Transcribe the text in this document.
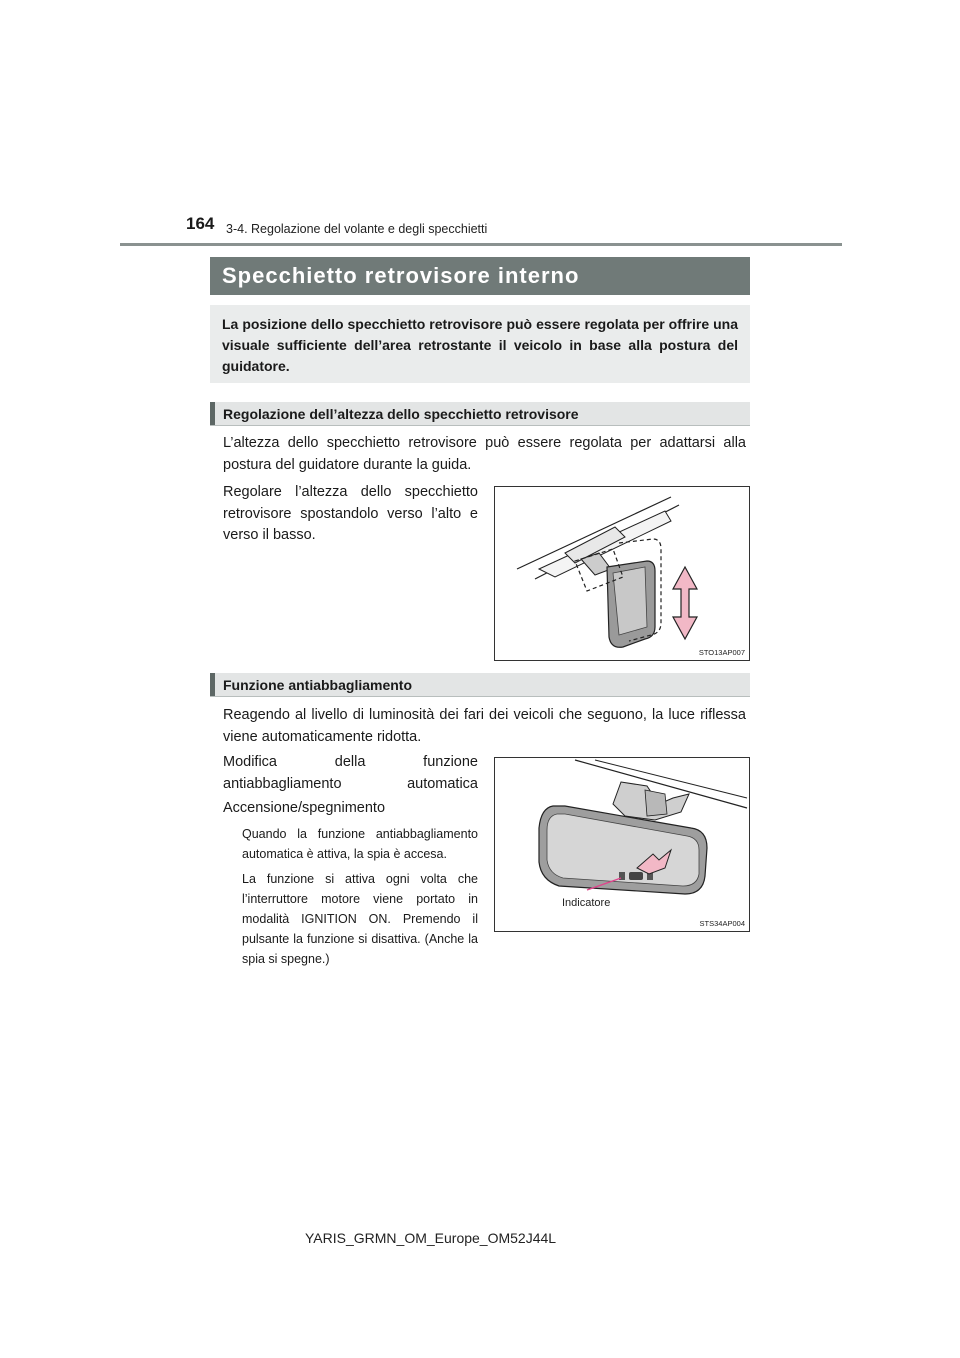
164 3-4. Regolazione del volante e degli specchietti
Specchietto retrovisore interno
La posizione dello specchietto retrovisore può essere regolata per offrire una visuale sufficiente dell’area retrostante il veicolo in base alla postura del guidatore.
Regolazione dell’altezza dello specchietto retrovisore
L’altezza dello specchietto retrovisore può essere regolata per adattarsi alla postura del guidatore durante la guida.
Regolare l’altezza dello specchietto retrovisore spostandolo verso l’alto e verso il basso.
STO13AP007
Funzione antiabbagliamento
Reagendo al livello di luminosità dei fari dei veicoli che seguono, la luce riflessa viene automaticamente ridotta.
Modifica della funzione antiabbagliamento automatica
Accensione/spegnimento
Quando la funzione antiabbagliamento automatica è attiva, la spia è accesa.
La funzione si attiva ogni volta che l’interruttore motore viene portato in modalità IGNITION ON. Premendo il pulsante la funzione si disattiva. (Anche la spia si spegne.)
Indicatore
STS34AP004
YARIS_GRMN_OM_Europe_OM52J44L
